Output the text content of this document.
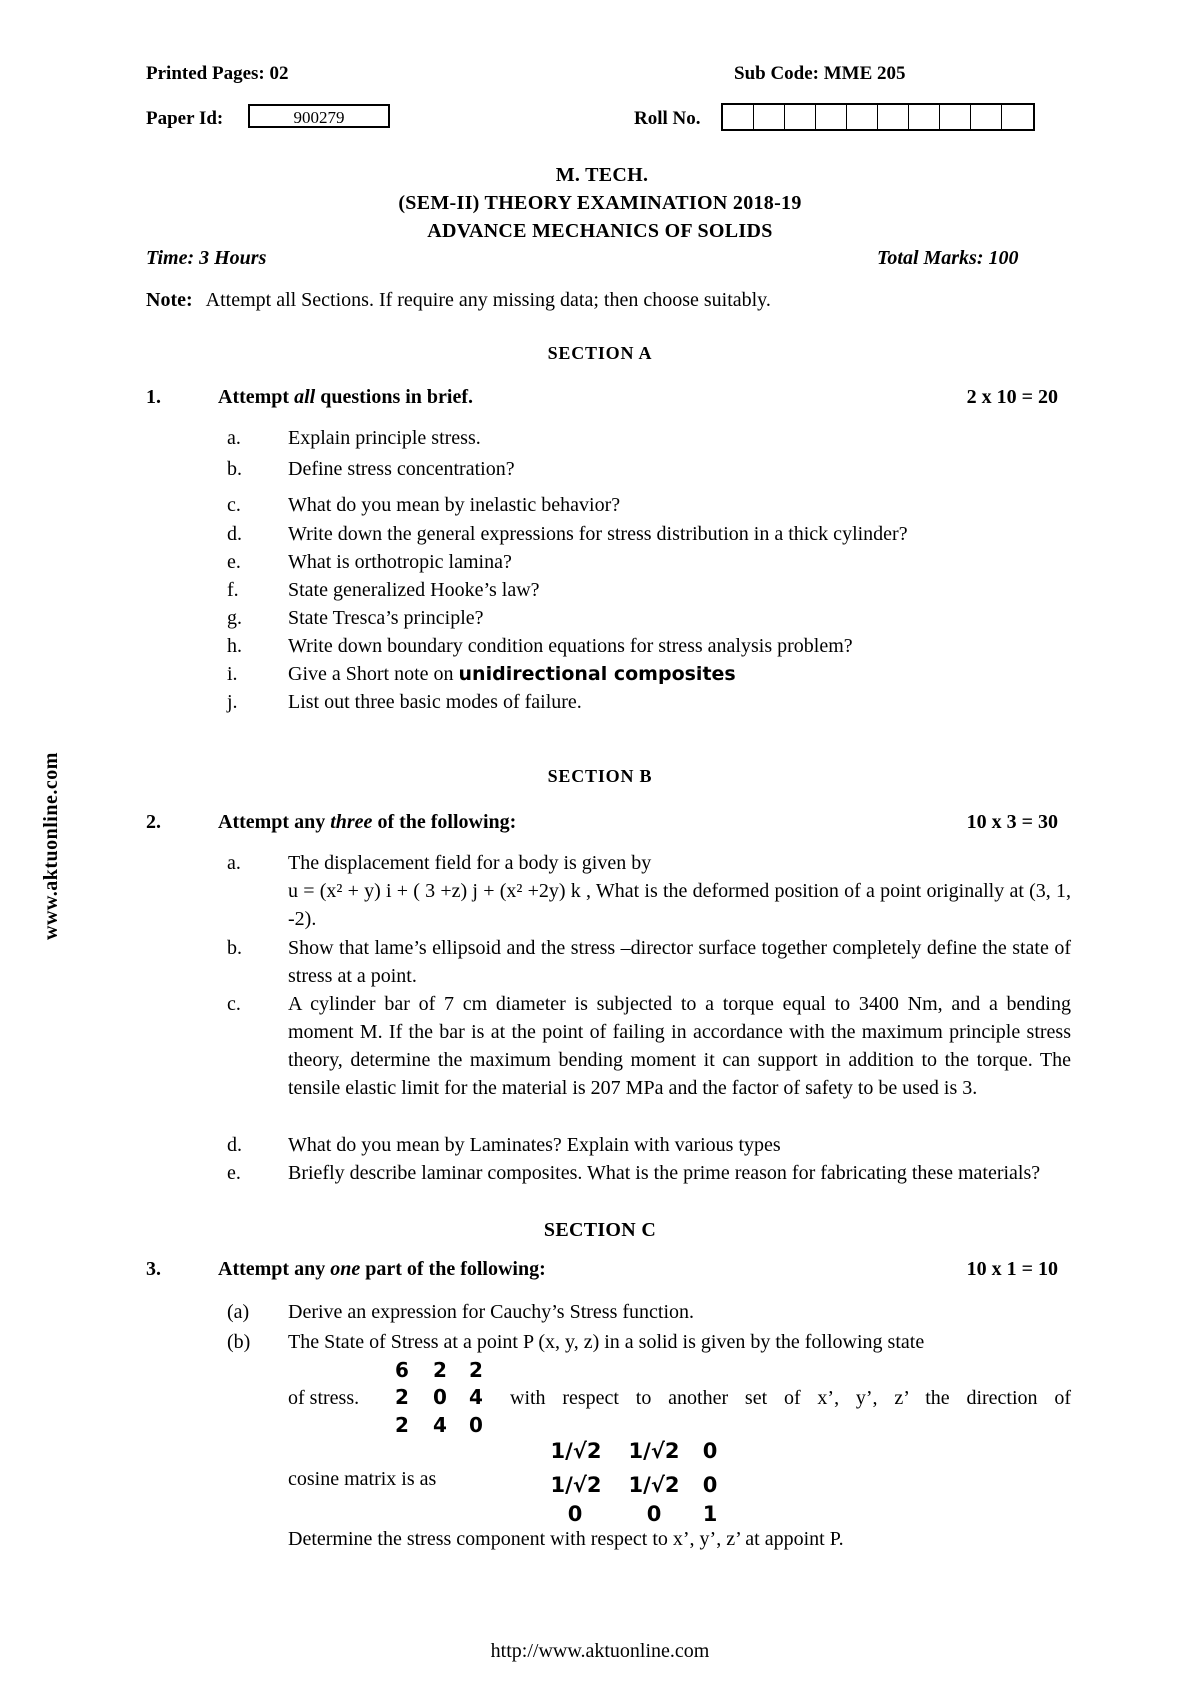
Printed Pages: 02	Sub Code: MME 205
Paper Id:	900279	Roll No.
M. TECH.
(SEM-II) THEORY EXAMINATION 2018-19
ADVANCE MECHANICS OF SOLIDS
Time: 3 Hours	Total Marks: 100
Note: Attempt all Sections. If require any missing data; then choose suitably.
SECTION A
1.	Attempt all questions in brief.	2 x 10 = 20
a. Explain principle stress.
b. Define stress concentration?
c. What do you mean by inelastic behavior?
d. Write down the general expressions for stress distribution in a thick cylinder?
e. What is orthotropic lamina?
f. State generalized Hooke’s law?
g. State Tresca’s principle?
h. Write down boundary condition equations for stress analysis problem?
i.	Give a Short note on unidirectional composites
j.	List out three basic modes of failure.
www.aktuonline.com	SECTION B
2.	Attempt any three of the following:	10 x 3 = 30
a. The displacement field for a body is given by
u = (x² + y) i + ( 3 +z) j + (x² +2y) k , What is the deformed position of a point originally at (3, 1, -2).
b. Show that lame’s ellipsoid and the stress –director surface together completely define the state of stress at a point.
c. A cylinder bar of 7 cm diameter is subjected to a torque equal to 3400 Nm, and a bending moment M. If the bar is at the point of failing in accordance with the maximum principle stress theory, determine the maximum bending moment it can support in addition to the torque. The tensile elastic limit for the material is 207 MPa and the factor of safety to be used is 3.
d. What do you mean by Laminates? Explain with various types
e. Briefly describe laminar composites. What is the prime reason for fabricating these materials?
SECTION C
3.	Attempt any one part of the following:	10 x 1 = 10
(a) Derive an expression for Cauchy’s Stress function.
(b) The State of Stress at a point P (x, y, z) in a solid is given by the following state
of stress.	with respect to another set of x’, y’, z’ the direction of
cosine matrix is as
Determine the stress component with respect to x’, y’, z’ at appoint P.
6 2 2
2 0 4
2 4 0
1/√2	1/√2	0
1/√2	1/√2	0
0	0	1
http://www.aktuonline.com
